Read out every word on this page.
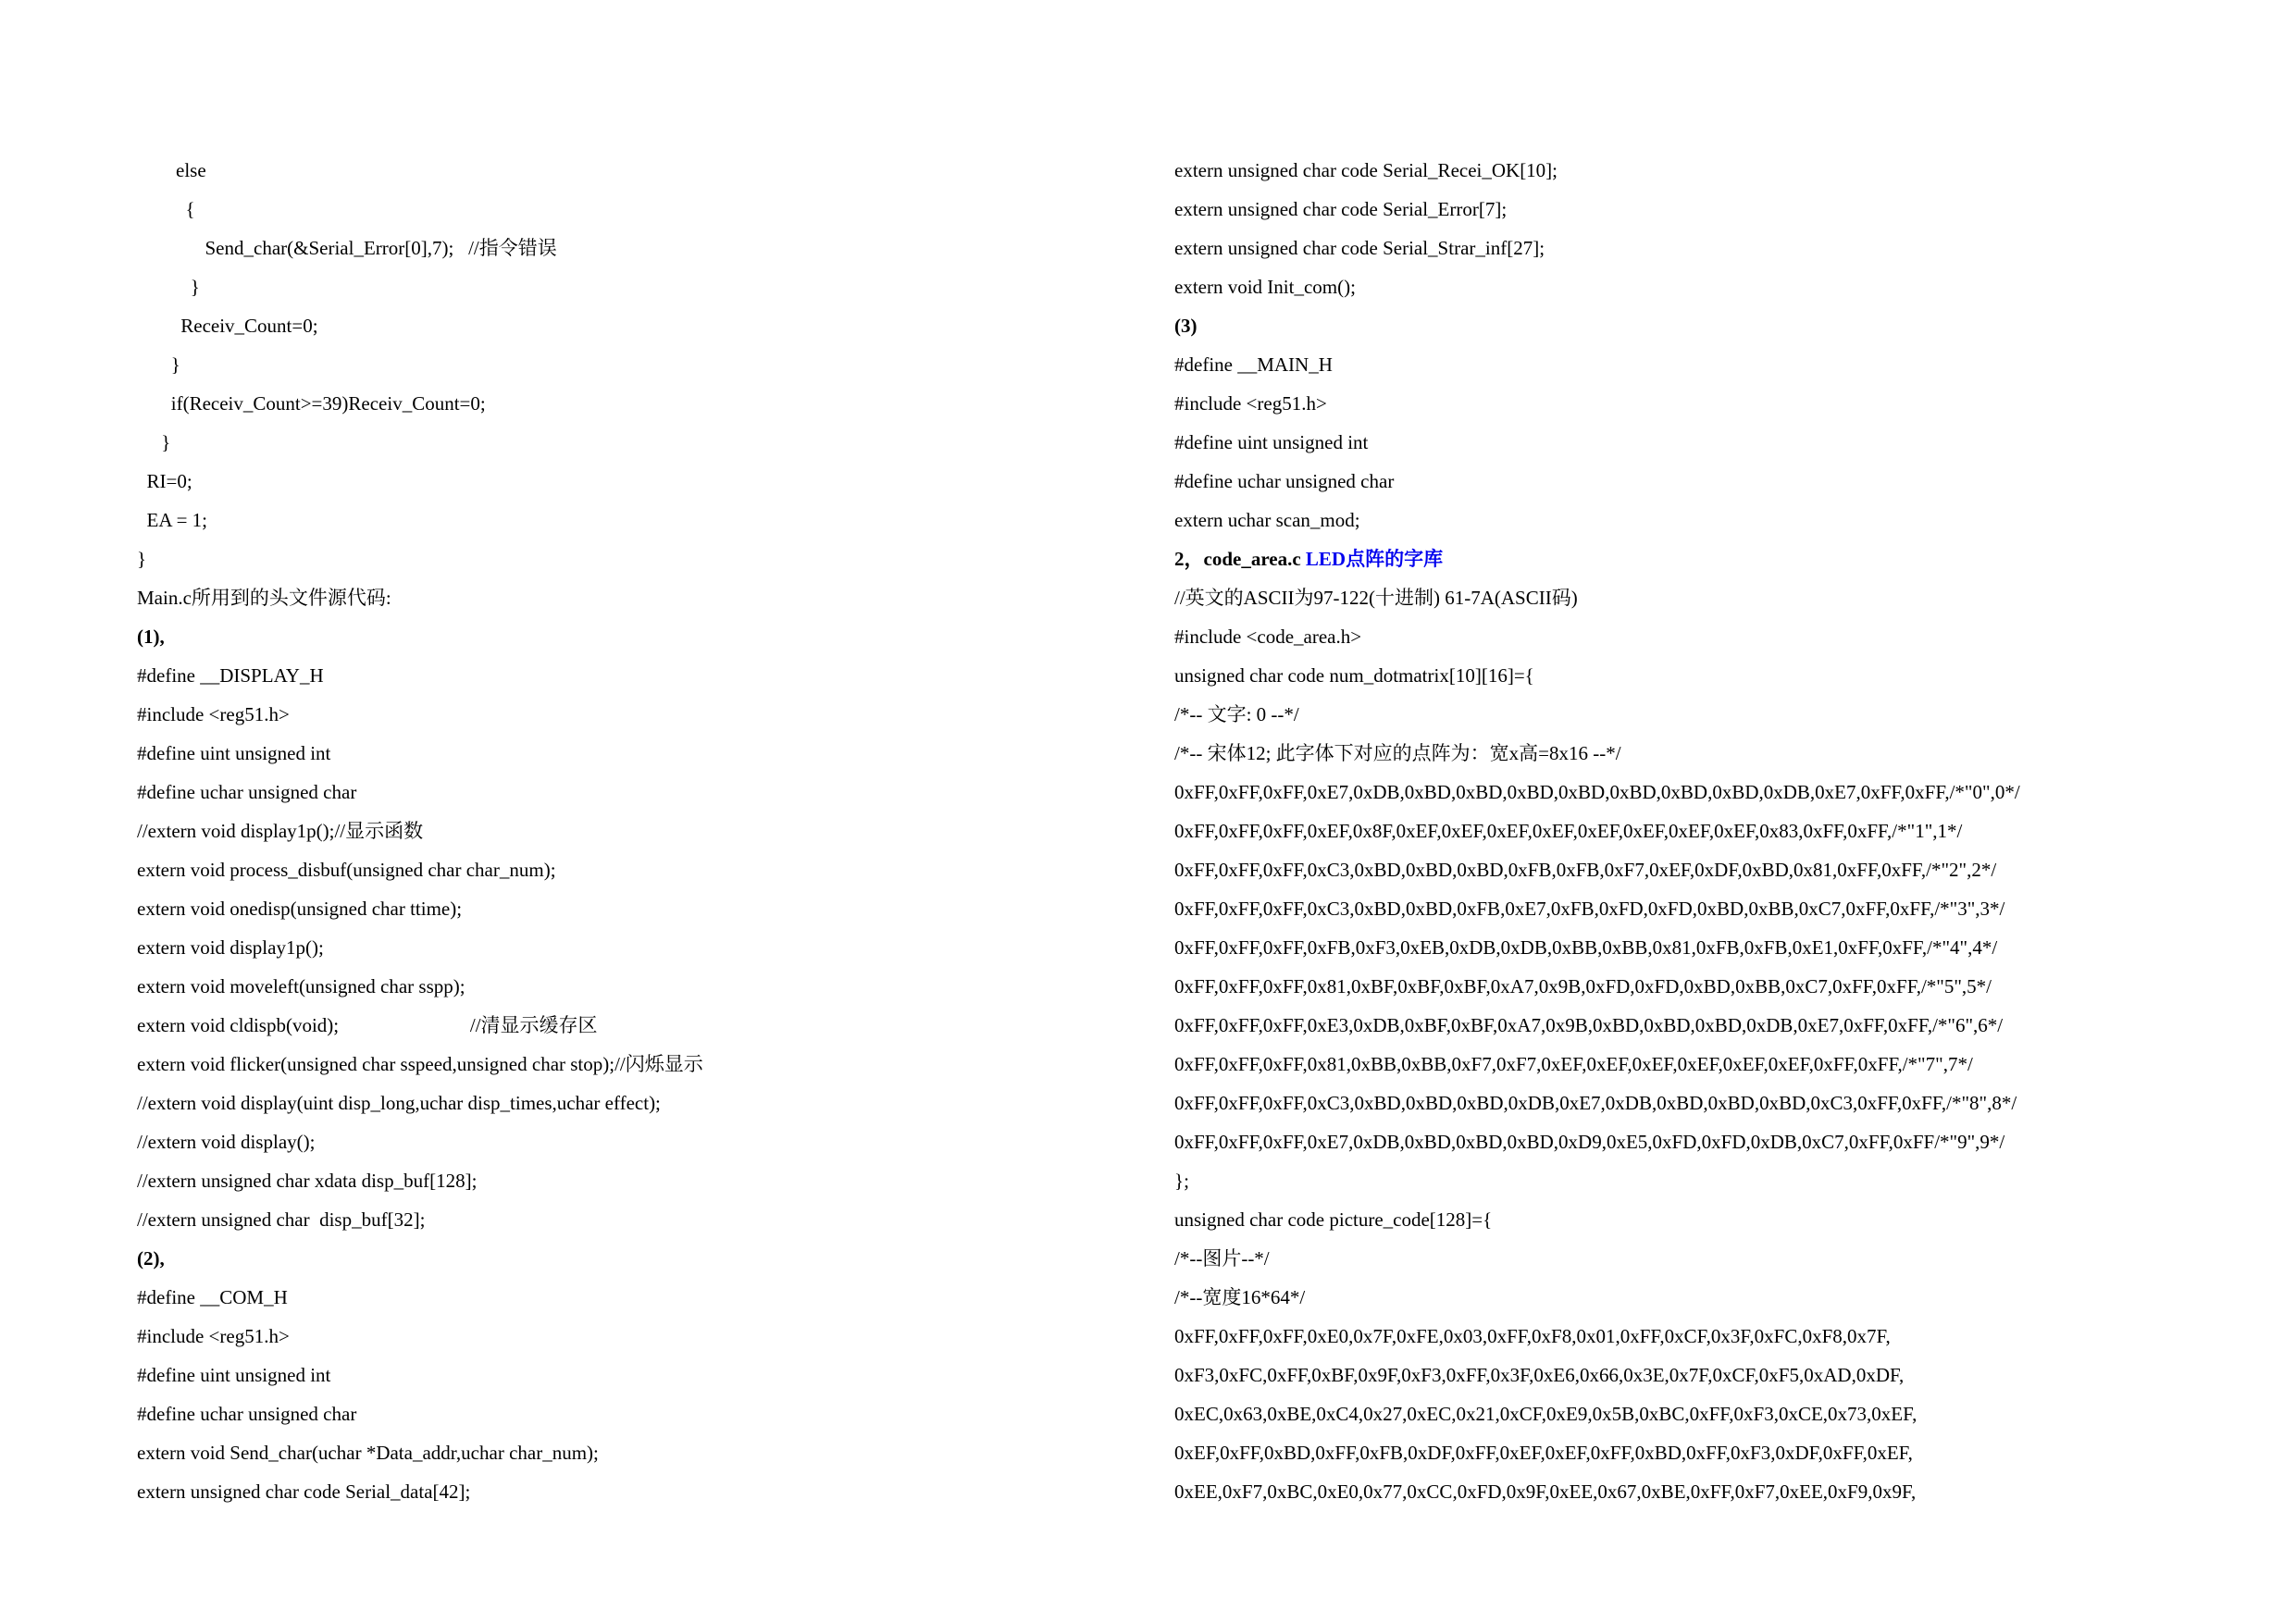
else
{
Send_char(&Serial_Error[0],7);   //指令错误
}
Receiv_Count=0;
}
if(Receiv_Count>=39)Receiv_Count=0;
}
RI=0;
EA = 1;
}
Main.c所用到的头文件源代码:
(1),
#define __DISPLAY_H
#include <reg51.h>
#define uint unsigned int
#define uchar unsigned char
//extern void display1p();//显示函数
extern void process_disbuf(unsigned char char_num);
extern void onedisp(unsigned char ttime);
extern void display1p();
extern void moveleft(unsigned char sspp);
extern void cldispb(void);                           //清显示缓存区
extern void flicker(unsigned char sspeed,unsigned char stop);//闪烁显示
//extern void display(uint disp_long,uchar disp_times,uchar effect);
//extern void display();
//extern unsigned char xdata disp_buf[128];
//extern unsigned char  disp_buf[32];
(2),
#define __COM_H
#include <reg51.h>
#define uint unsigned int
#define uchar unsigned char
extern void Send_char(uchar *Data_addr,uchar char_num);
extern unsigned char code Serial_data[42];
extern unsigned char code Serial_Recei_OK[10];
extern unsigned char code Serial_Error[7];
extern unsigned char code Serial_Strar_inf[27];
extern void Init_com();
(3)
#define __MAIN_H
#include <reg51.h>
#define uint unsigned int
#define uchar unsigned char
extern uchar scan_mod;
2，code_area.c LED点阵的字库
//英文的ASCII为97-122(十进制) 61-7A(ASCII码)
#include <code_area.h>
unsigned char code num_dotmatrix[10][16]={
/*-- 文字: 0 --*/
/*-- 宋体12; 此字体下对应的点阵为：宽x高=8x16 --*/
0xFF,0xFF,0xFF,0xE7,0xDB,0xBD,0xBD,0xBD,0xBD,0xBD,0xBD,0xBD,0xDB,0xE7,0xFF,0xFF,/*"0",0*/
0xFF,0xFF,0xFF,0xEF,0x8F,0xEF,0xEF,0xEF,0xEF,0xEF,0xEF,0xEF,0xEF,0x83,0xFF,0xFF,/*"1",1*/
0xFF,0xFF,0xFF,0xC3,0xBD,0xBD,0xBD,0xFB,0xFB,0xF7,0xEF,0xDF,0xBD,0x81,0xFF,0xFF,/*"2",2*/
0xFF,0xFF,0xFF,0xC3,0xBD,0xBD,0xFB,0xE7,0xFB,0xFD,0xFD,0xBD,0xBB,0xC7,0xFF,0xFF,/*"3",3*/
0xFF,0xFF,0xFF,0xFB,0xF3,0xEB,0xDB,0xDB,0xBB,0xBB,0x81,0xFB,0xFB,0xE1,0xFF,0xFF,/*"4",4*/
0xFF,0xFF,0xFF,0x81,0xBF,0xBF,0xBF,0xA7,0x9B,0xFD,0xFD,0xBD,0xBB,0xC7,0xFF,0xFF,/*"5",5*/
0xFF,0xFF,0xFF,0xE3,0xDB,0xBF,0xBF,0xA7,0x9B,0xBD,0xBD,0xBD,0xDB,0xE7,0xFF,0xFF,/*"6",6*/
0xFF,0xFF,0xFF,0x81,0xBB,0xBB,0xF7,0xF7,0xEF,0xEF,0xEF,0xEF,0xEF,0xEF,0xFF,0xFF,/*"7",7*/
0xFF,0xFF,0xFF,0xC3,0xBD,0xBD,0xBD,0xDB,0xE7,0xDB,0xBD,0xBD,0xBD,0xC3,0xFF,0xFF,/*"8",8*/
0xFF,0xFF,0xFF,0xE7,0xDB,0xBD,0xBD,0xBD,0xD9,0xE5,0xFD,0xFD,0xDB,0xC7,0xFF,0xFF/*"9",9*/
};
unsigned char code picture_code[128]={
/*--图片--*/
/*--宽度16*64*/
0xFF,0xFF,0xFF,0xE0,0x7F,0xFE,0x03,0xFF,0xF8,0x01,0xFF,0xCF,0x3F,0xFC,0xF8,0x7F,
0xF3,0xFC,0xFF,0xBF,0x9F,0xF3,0xFF,0x3F,0xE6,0x66,0x3E,0x7F,0xCF,0xF5,0xAD,0xDF,
0xEC,0x63,0xBE,0xC4,0x27,0xEC,0x21,0xCF,0xE9,0x5B,0xBC,0xFF,0xF3,0xCE,0x73,0xEF,
0xEF,0xFF,0xBD,0xFF,0xFB,0xDF,0xFF,0xEF,0xEF,0xFF,0xBD,0xFF,0xF3,0xDF,0xFF,0xEF,
0xEE,0xF7,0xBC,0xE0,0x77,0xCC,0xFD,0x9F,0xEE,0x67,0xBE,0xFF,0xF7,0xEE,0xF9,0x9F,
